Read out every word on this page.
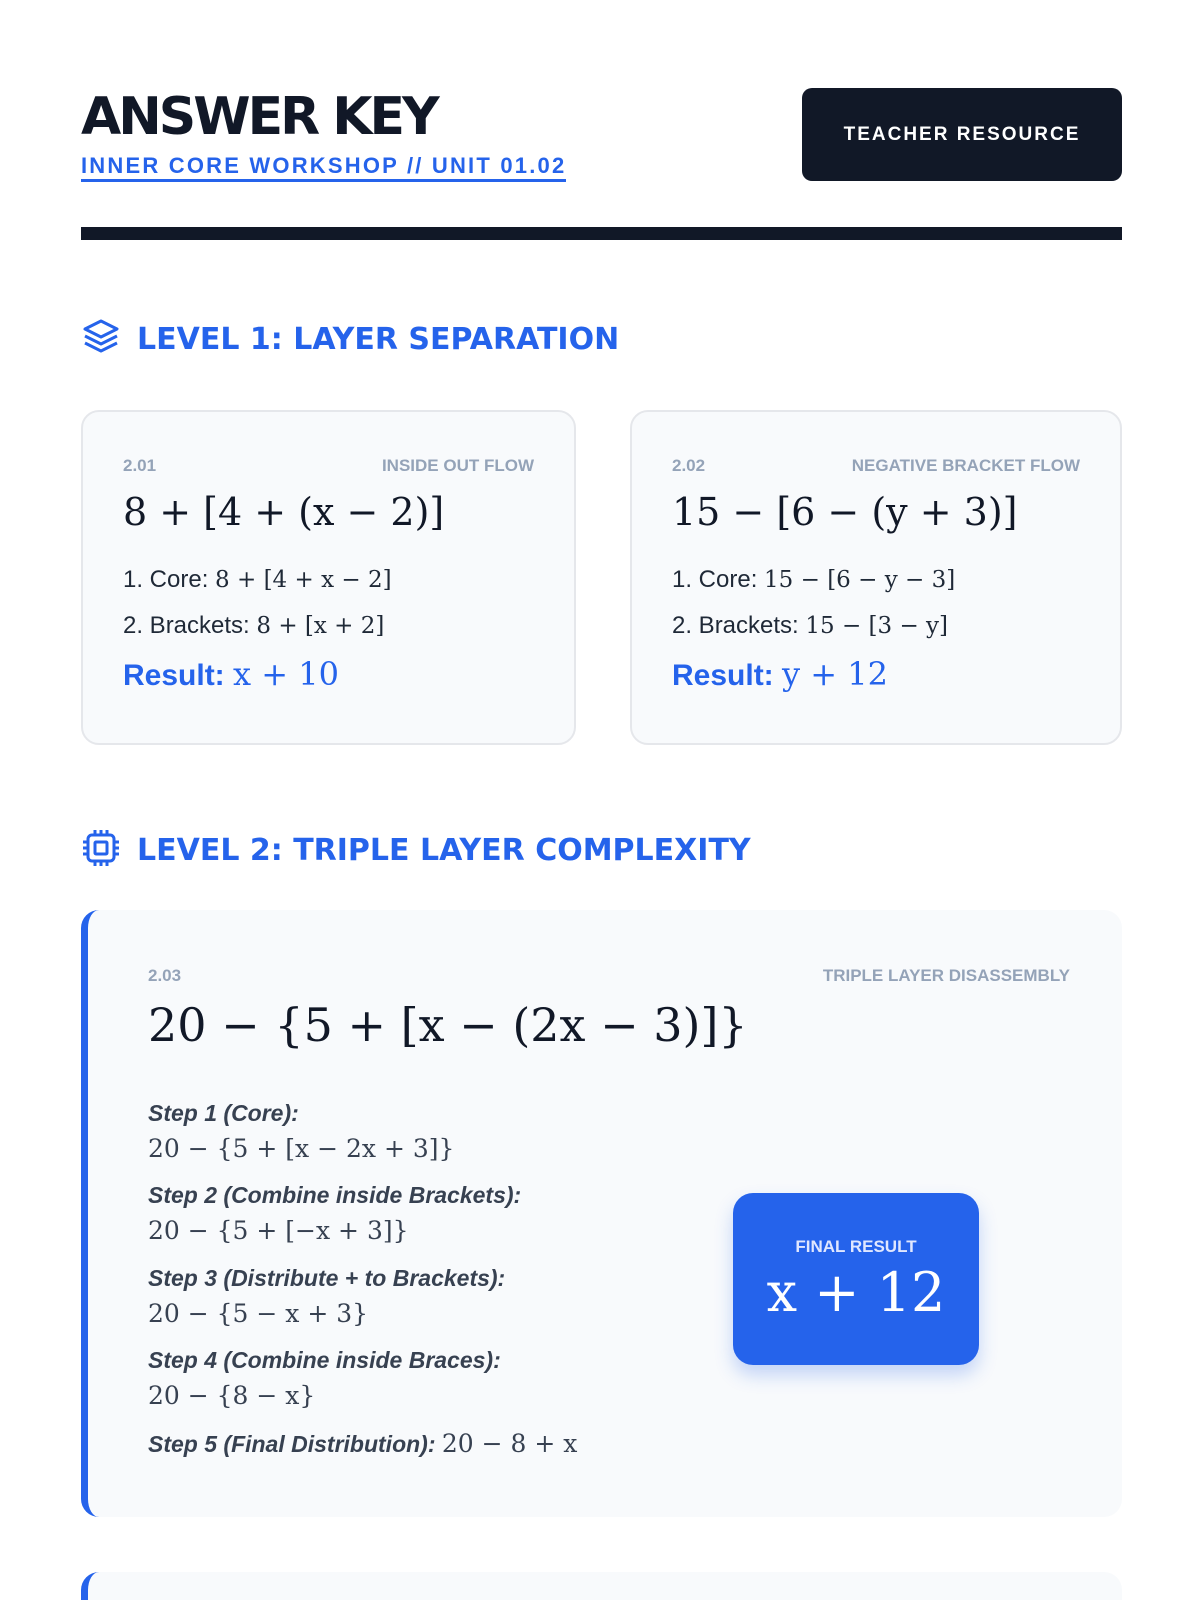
ANSWER KEY
INNER CORE WORKSHOP // UNIT 01.02
TEACHER RESOURCE
LEVEL 1: LAYER SEPARATION
2.01	INSIDE OUT FLOW
8 + [4 + (x − 2)]
1. Core: 8 + [4 + x − 2]
2. Brackets: 8 + [x + 2]
Result: x + 10
2.02	NEGATIVE BRACKET FLOW
15 − [6 − (y + 3)]
1. Core: 15 − [6 − y − 3]
2. Brackets: 15 − [3 − y]
Result: y + 12
LEVEL 2: TRIPLE LAYER COMPLEXITY
2.03	TRIPLE LAYER DISASSEMBLY
20 − {5 + [x − (2x − 3)]}
Step 1 (Core):
20 − {5 + [x − 2x + 3]}
Step 2 (Combine inside Brackets):
20 − {5 + [−x + 3]}
Step 3 (Distribute + to Brackets):
20 − {5 − x + 3}
Step 4 (Combine inside Braces):
20 − {8 − x}
Step 5 (Final Distribution): 20 − 8 + x
FINAL RESULT
x + 12
